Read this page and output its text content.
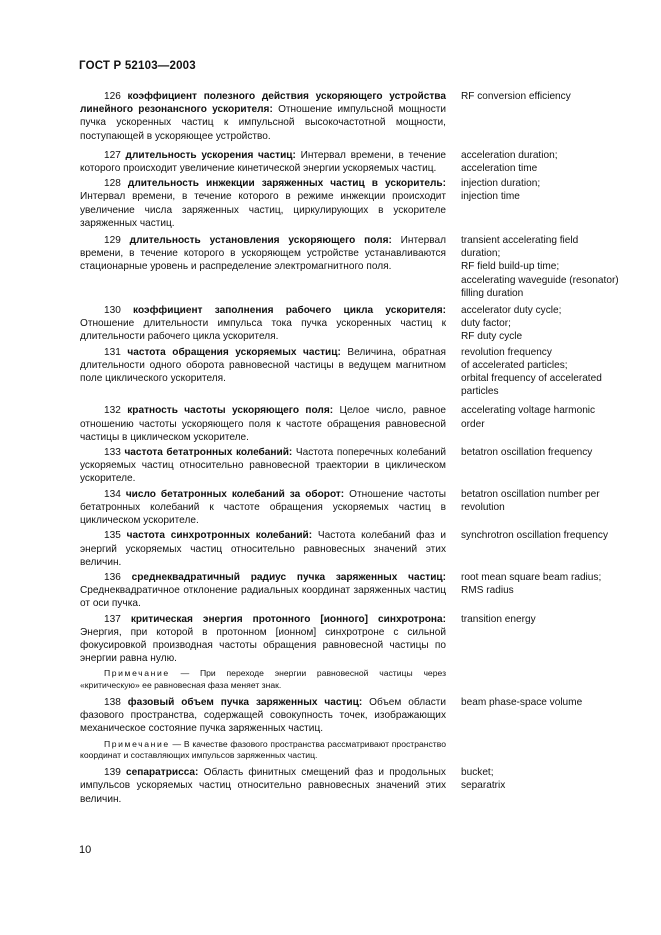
ГОСТ Р 52103—2003
126 коэффициент полезного действия ускоряющего устройства линейного резонансного ускорителя: Отношение импульсной мощности пучка ускоренных частиц к импульсной высокочастотной мощности, поступающей в ускоряющее устройство.
RF conversion efficiency
127 длительность ускорения частиц: Интервал времени, в течение которого происходит увеличение кинетической энергии ускоряемых частиц.
acceleration duration;
acceleration time
128 длительность инжекции заряженных частиц в ускоритель: Интервал времени, в течение которого в режиме инжекции происходит увеличение числа заряженных частиц, циркулирующих в ускорителе заряженных частиц.
injection duration;
injection time
129 длительность установления ускоряющего поля: Интервал времени, в течение которого в ускоряющем устройстве устанавливаются стационарные уровень и распределение электромагнитного поля.
transient accelerating field duration;
RF field build-up time;
accelerating waveguide (resonator) filling duration
130 коэффициент заполнения рабочего цикла ускорителя: Отношение длительности импульса тока пучка ускоренных частиц к длительности рабочего цикла ускорителя.
accelerator duty cycle;
duty factor;
RF duty cycle
131 частота обращения ускоряемых частиц: Величина, обратная длительности одного оборота равновесной частицы в ведущем магнитном поле циклического ускорителя.
revolution frequency
of accelerated particles;
orbital frequency of accelerated particles
132 кратность частоты ускоряющего поля: Целое число, равное отношению частоты ускоряющего поля к частоте обращения равновесной частицы в циклическом ускорителе.
accelerating voltage harmonic order
133 частота бетатронных колебаний: Частота поперечных колебаний ускоряемых частиц относительно равновесной траектории в циклическом ускорителе.
betatron oscillation frequency
134 число бетатронных колебаний за оборот: Отношение частоты бетатронных колебаний к частоте обращения ускоряемых частиц в циклическом ускорителе.
betatron oscillation number per revolution
135 частота синхротронных колебаний: Частота колебаний фаз и энергий ускоряемых частиц относительно равновесных значений этих величин.
synchrotron oscillation frequency
136 среднеквадратичный радиус пучка заряженных частиц: Среднеквадратичное отклонение радиальных координат заряженных частиц от оси пучка.
root mean square beam radius;
RMS radius
137 критическая энергия протонного [ионного] синхротрона: Энергия, при которой в протонном [ионном] синхротроне с сильной фокусировкой производная частоты обращения равновесной частицы по энергии равна нулю.
transition energy
Примечание — При переходе энергии равновесной частицы через «критическую» ее равновесная фаза меняет знак.
138 фазовый объем пучка заряженных частиц: Объем области фазового пространства, содержащей совокупность точек, изображающих механическое состояние пучка заряженных частиц.
beam phase-space volume
Примечание — В качестве фазового пространства рассматривают пространство координат и составляющих импульсов заряженных частиц.
139 сепаратрисса: Область финитных смещений фаз и продольных импульсов ускоряемых частиц относительно равновесных значений этих величин.
bucket;
separatrix
10
